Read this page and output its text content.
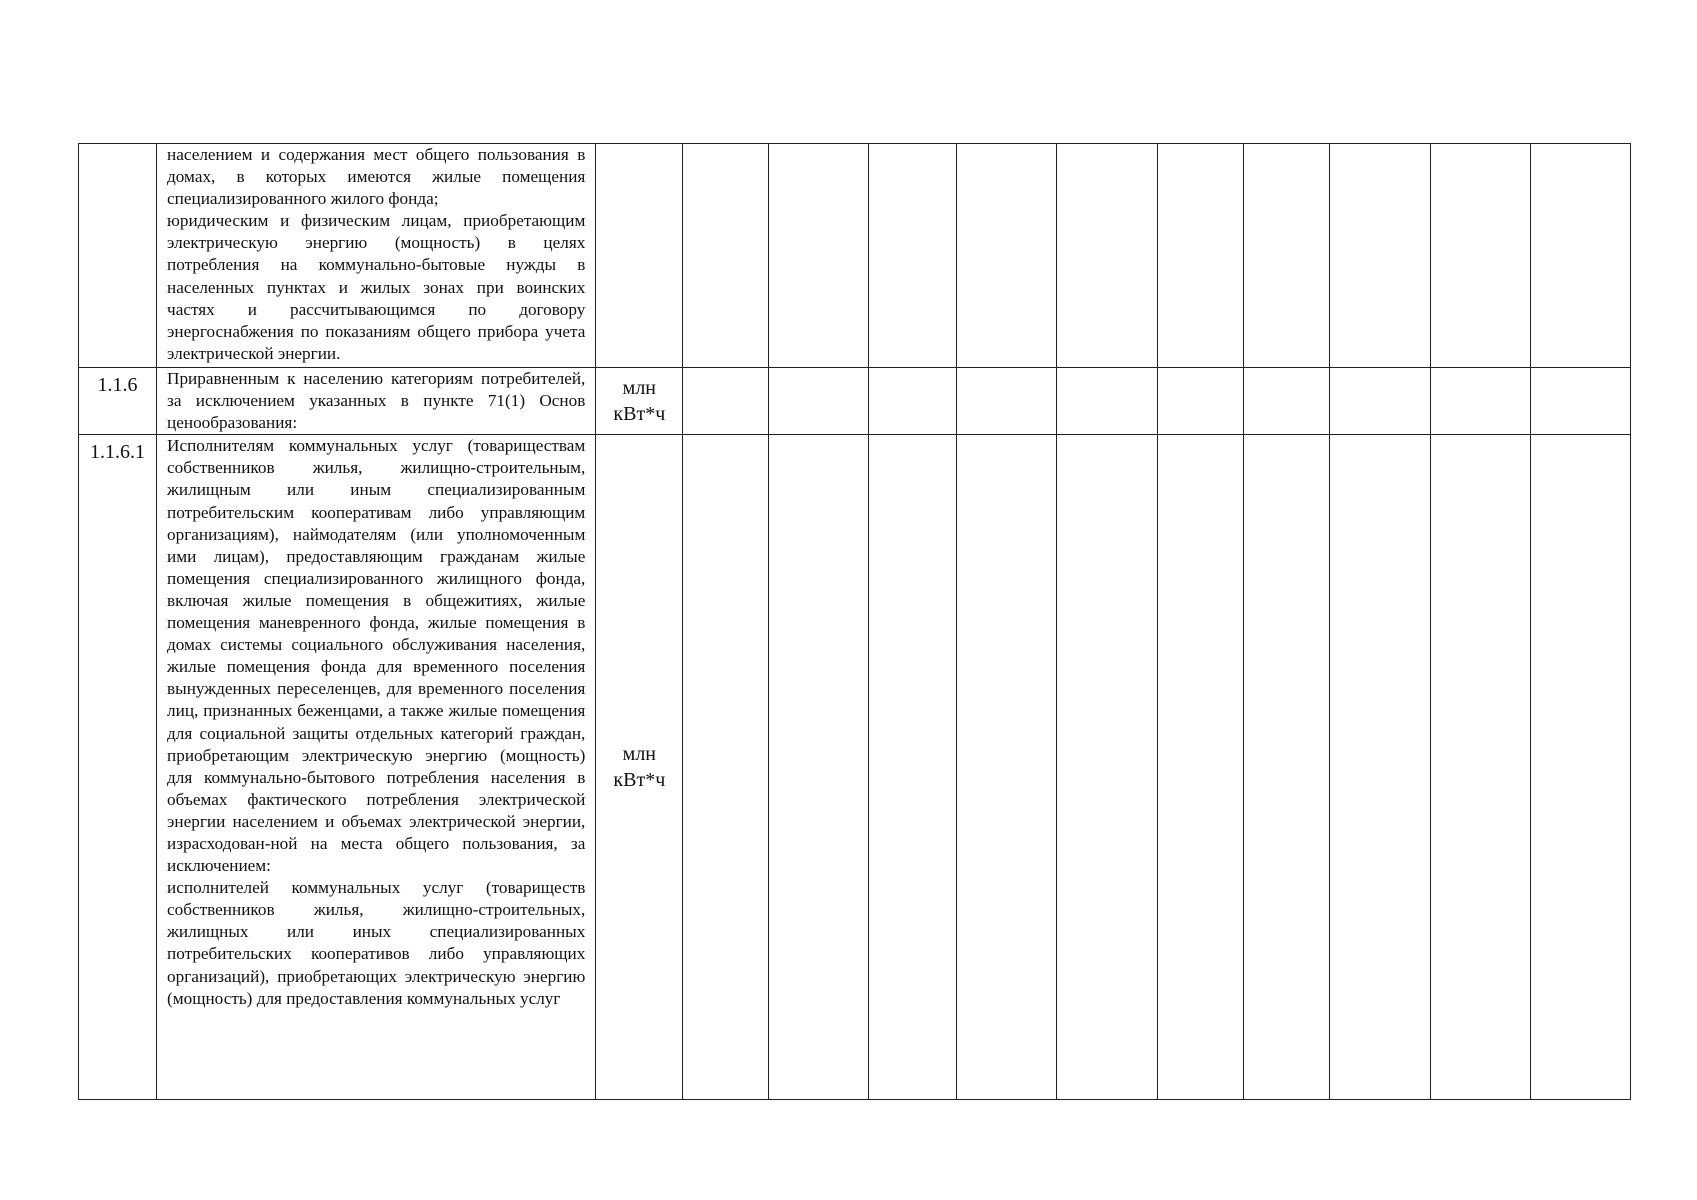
	населением и содержания мест общего пользования в домах, в которых имеются жилые помещения специализированного жилого фонда;

юридическим и физическим лицам, приобретающим электрическую энергию (мощность) в целях потребления на коммунально-бытовые нужды в населенных пунктах и жилых зонах при воинских частях и рассчитывающимся по договору энергоснабжения по показаниям общего прибора учета электрической энергии.											

1.1.6	Приравненным к населению категориям потребителей, за исключением указанных в пункте 71(1) Основ ценообразования:	млн кВт*ч										
1.1.6.1	Исполнителям коммунальных услуг (товариществам собственников жилья, жилищно-строительным, жилищным или иным специализированным потребительским кооперативам либо управляющим организациям), наймодателям (или уполномоченным ими лицам), предоставляющим гражданам жилые помещения специализированного жилищного фонда, включая жилые помещения в общежитиях, жилые помещения маневренного фонда, жилые помещения в домах системы социального обслуживания населения, жилые помещения фонда для временного поселения вынужденных переселенцев, для временного поселения лиц, признанных беженцами, а также жилые помещения для социальной защиты отдельных категорий граждан, приобретающим электрическую энергию (мощность) для коммунально-бытового потребления населения в объемах фактического потребления электрической энергии населением и объемах электрической энергии, израсходован-ной на места общего пользования, за исключением:

исполнителей коммунальных услуг (товариществ собственников жилья, жилищно-строительных, жилищных или иных специализированных потребительских кооперативов либо управляющих организаций), приобретающих электрическую энергию (мощность) для предоставления коммунальных услуг	млн кВт*ч										
